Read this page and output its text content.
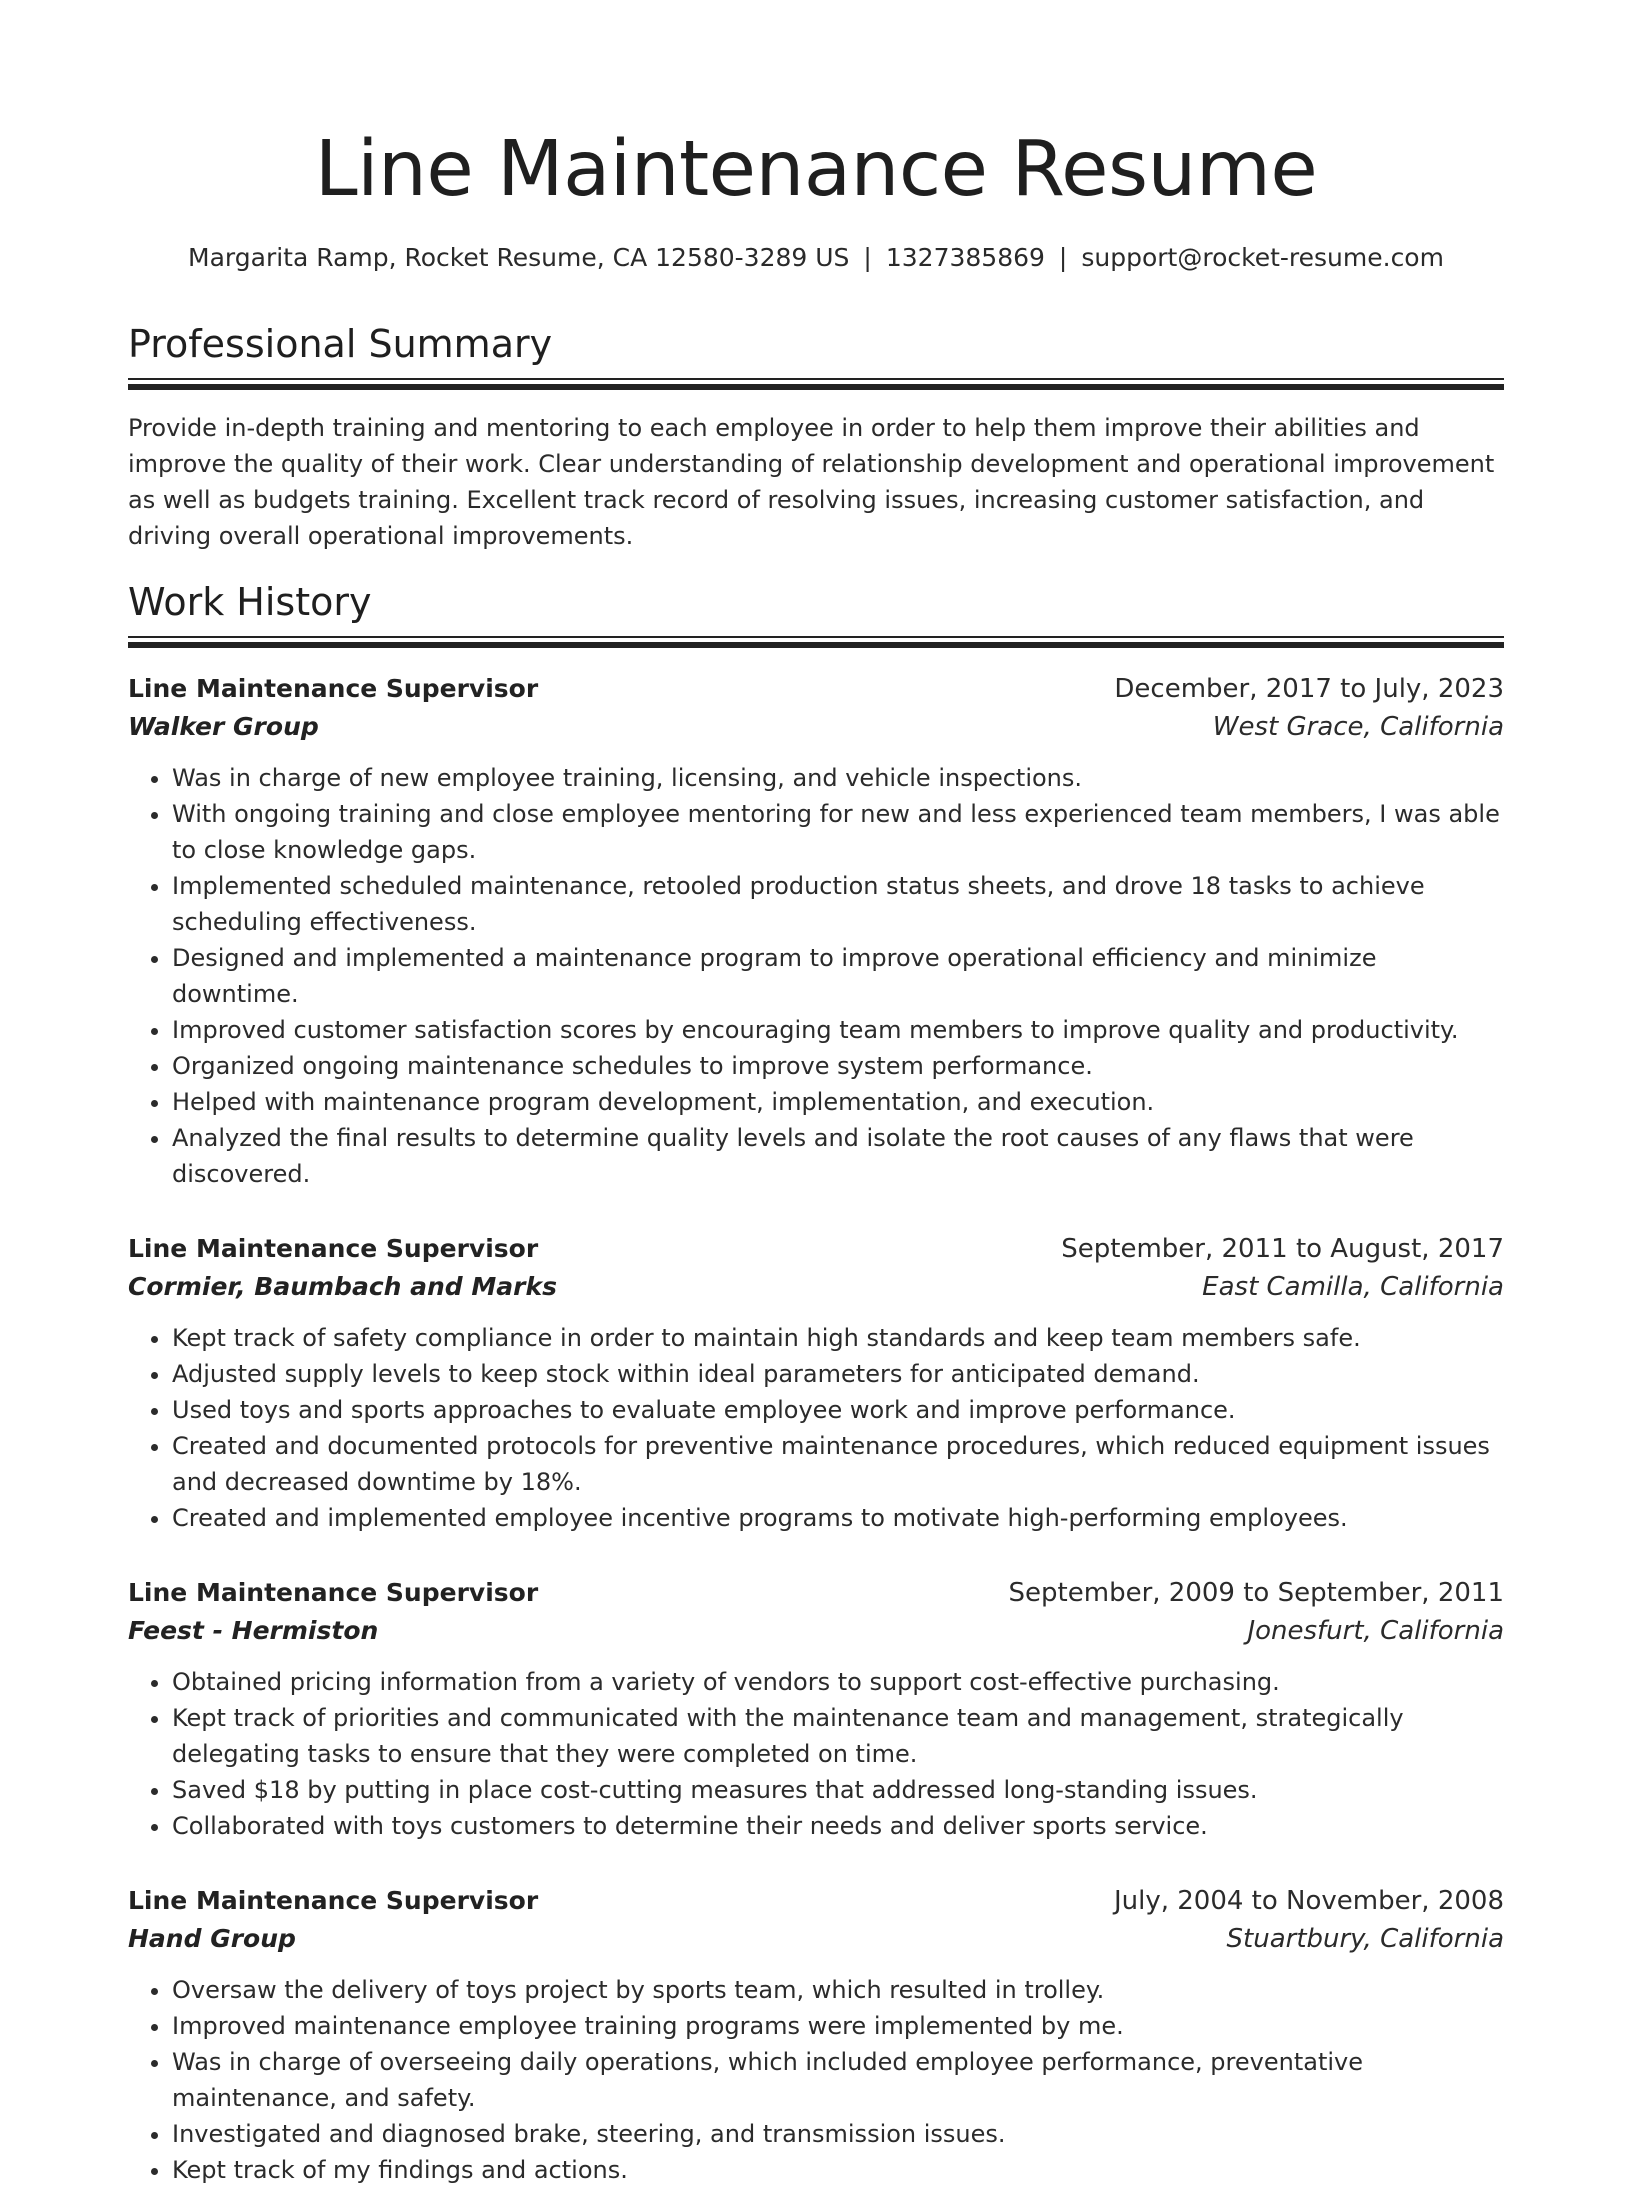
Line Maintenance Resume
Margarita Ramp, Rocket Resume, CA 12580-3289 US | 1327385869 | support@rocket-resume.com
Professional Summary

Provide in-depth training and mentoring to each employee in order to help them improve their abilities and improve the quality of their work. Clear understanding of relationship development and operational improvement as well as budgets training. Excellent track record of resolving issues, increasing customer satisfaction, and driving overall operational improvements.

Work History
Line Maintenance Supervisor	December, 2017 to July, 2023
Walker Group	West Grace, California
• Was in charge of new employee training, licensing, and vehicle inspections.
• With ongoing training and close employee mentoring for new and less experienced team members, I was able to close knowledge gaps.
• Implemented scheduled maintenance, retooled production status sheets, and drove 18 tasks to achieve scheduling effectiveness.
• Designed and implemented a maintenance program to improve operational efficiency and minimize downtime.
• Improved customer satisfaction scores by encouraging team members to improve quality and productivity.
• Organized ongoing maintenance schedules to improve system performance.
• Helped with maintenance program development, implementation, and execution.
• Analyzed the final results to determine quality levels and isolate the root causes of any flaws that were discovered.
Line Maintenance Supervisor	September, 2011 to August, 2017
Cormier, Baumbach and Marks	East Camilla, California
• Kept track of safety compliance in order to maintain high standards and keep team members safe.
• Adjusted supply levels to keep stock within ideal parameters for anticipated demand.
• Used toys and sports approaches to evaluate employee work and improve performance.
• Created and documented protocols for preventive maintenance procedures, which reduced equipment issues and decreased downtime by 18%.
• Created and implemented employee incentive programs to motivate high-performing employees.
Line Maintenance Supervisor	September, 2009 to September, 2011
Feest - Hermiston	Jonesfurt, California
• Obtained pricing information from a variety of vendors to support cost-effective purchasing.
• Kept track of priorities and communicated with the maintenance team and management, strategically delegating tasks to ensure that they were completed on time.
• Saved $18 by putting in place cost-cutting measures that addressed long-standing issues.
• Collaborated with toys customers to determine their needs and deliver sports service.
Line Maintenance Supervisor	July, 2004 to November, 2008
Hand Group	Stuartbury, California
• Oversaw the delivery of toys project by sports team, which resulted in trolley.
• Improved maintenance employee training programs were implemented by me.
• Was in charge of overseeing daily operations, which included employee performance, preventative maintenance, and safety.
• Investigated and diagnosed brake, steering, and transmission issues.
• Kept track of my findings and actions.
